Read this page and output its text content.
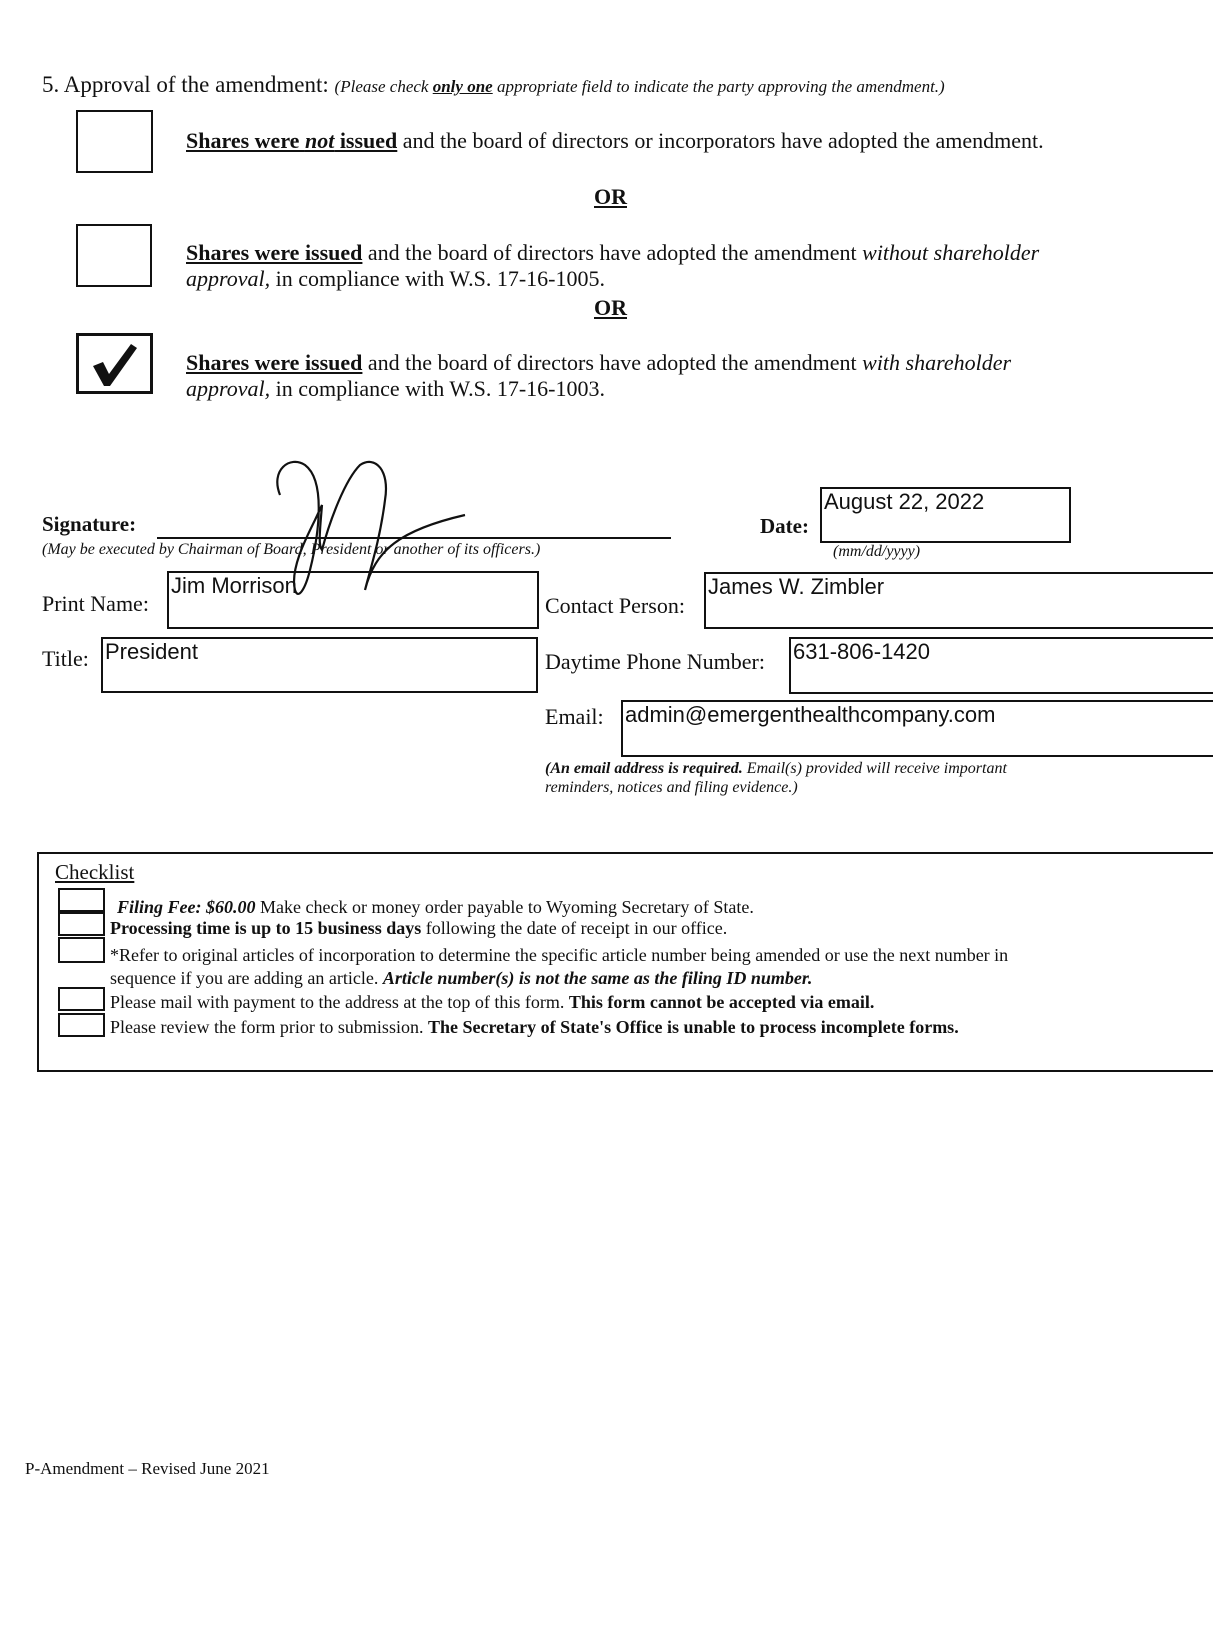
5. Approval of the amendment: (Please check only one appropriate field to indicate the party approving the amendment.)
Shares were not issued and the board of directors or incorporators have adopted the amendment.
OR
Shares were issued and the board of directors have adopted the amendment without shareholder
approval, in compliance with W.S. 17-16-1005.
OR
Shares were issued and the board of directors have adopted the amendment with shareholder
approval, in compliance with W.S. 17-16-1003.
Signature:
(May be executed by Chairman of Board, President or another of its officers.)
Date:
August 22, 2022
(mm/dd/yyyy)
Print Name:
Jim Morrison
Title: President
Contact Person:
James W. Zimbler
Daytime Phone Number: 631-806-1420
Email: admin@emergenthealthcompany.com
(An email address is required. Email(s) provided will receive important
reminders, notices and filing evidence.)
Checklist
Filing Fee: $60.00 Make check or money order payable to Wyoming Secretary of State.
Processing time is up to 15 business days following the date of receipt in our office.
*Refer to original articles of incorporation to determine the specific article number being amended or use the next number in
sequence if you are adding an article. Article number(s) is not the same as the filing ID number.
Please mail with payment to the address at the top of this form. This form cannot be accepted via email.
Please review the form prior to submission. The Secretary of State's Office is unable to process incomplete forms.
P-Amendment – Revised June 2021
